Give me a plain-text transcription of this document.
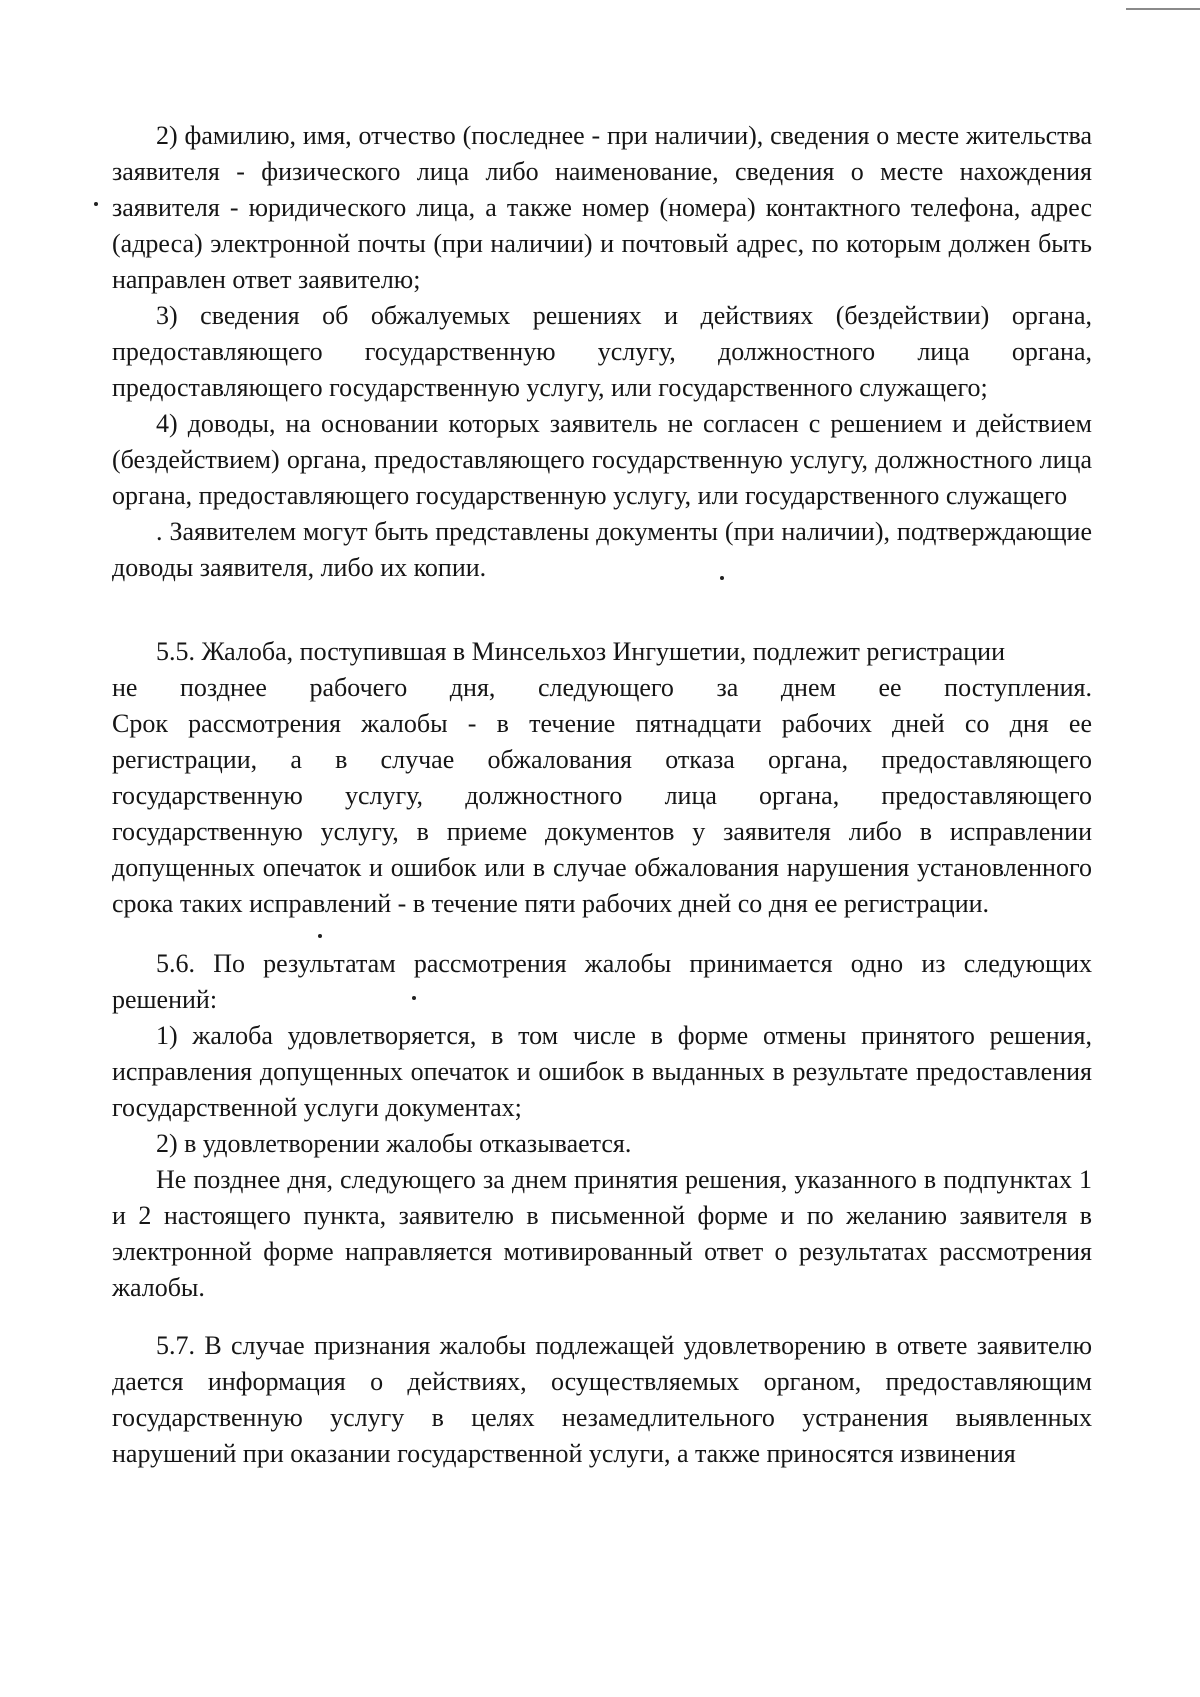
2) фамилию, имя, отчество (последнее - при наличии), сведения о месте жительства заявителя - физического лица либо наименование, сведения о месте нахождения заявителя - юридического лица, а также номер (номера) контактного телефона, адрес (адреса) электронной почты (при наличии) и почтовый адрес, по которым должен быть направлен ответ заявителю;

3) сведения об обжалуемых решениях и действиях (бездействии) органа, предоставляющего государственную услугу, должностного лица органа, предоставляющего государственную услугу, или государственного служащего;

4) доводы, на основании которых заявитель не согласен с решением и действием (бездействием) органа, предоставляющего государственную услугу, должностного лица органа, предоставляющего государственную услугу, или государственного служащего

. Заявителем могут быть представлены документы (при наличии), подтверждающие доводы заявителя, либо их копии.

5.5. Жалоба, поступившая в Минсельхоз Ингушетии, подлежит регистрации

не позднее рабочего дня, следующего за днем ее поступления.

Срок рассмотрения жалобы - в течение пятнадцати рабочих дней со дня ее регистрации, а в случае обжалования отказа органа, предоставляющего государственную услугу, должностного лица органа, предоставляющего государственную услугу, в приеме документов у заявителя либо в исправлении допущенных опечаток и ошибок или в случае обжалования нарушения установленного срока таких исправлений - в течение пяти рабочих дней со дня ее регистрации.

5.6. По результатам рассмотрения жалобы принимается одно из следующих решений:

1) жалоба удовлетворяется, в том числе в форме отмены принятого решения, исправления допущенных опечаток и ошибок в выданных в результате предоставления государственной услуги документах;

2) в удовлетворении жалобы отказывается.

Не позднее дня, следующего за днем принятия решения, указанного в подпунктах 1 и 2 настоящего пункта, заявителю в письменной форме и по желанию заявителя в электронной форме направляется мотивированный ответ о результатах рассмотрения жалобы.

5.7. В случае признания жалобы подлежащей удовлетворению в ответе заявителю дается информация о действиях, осуществляемых органом, предоставляющим государственную услугу в целях незамедлительного устранения выявленных нарушений при оказании государственной услуги, а также приносятся извинения
